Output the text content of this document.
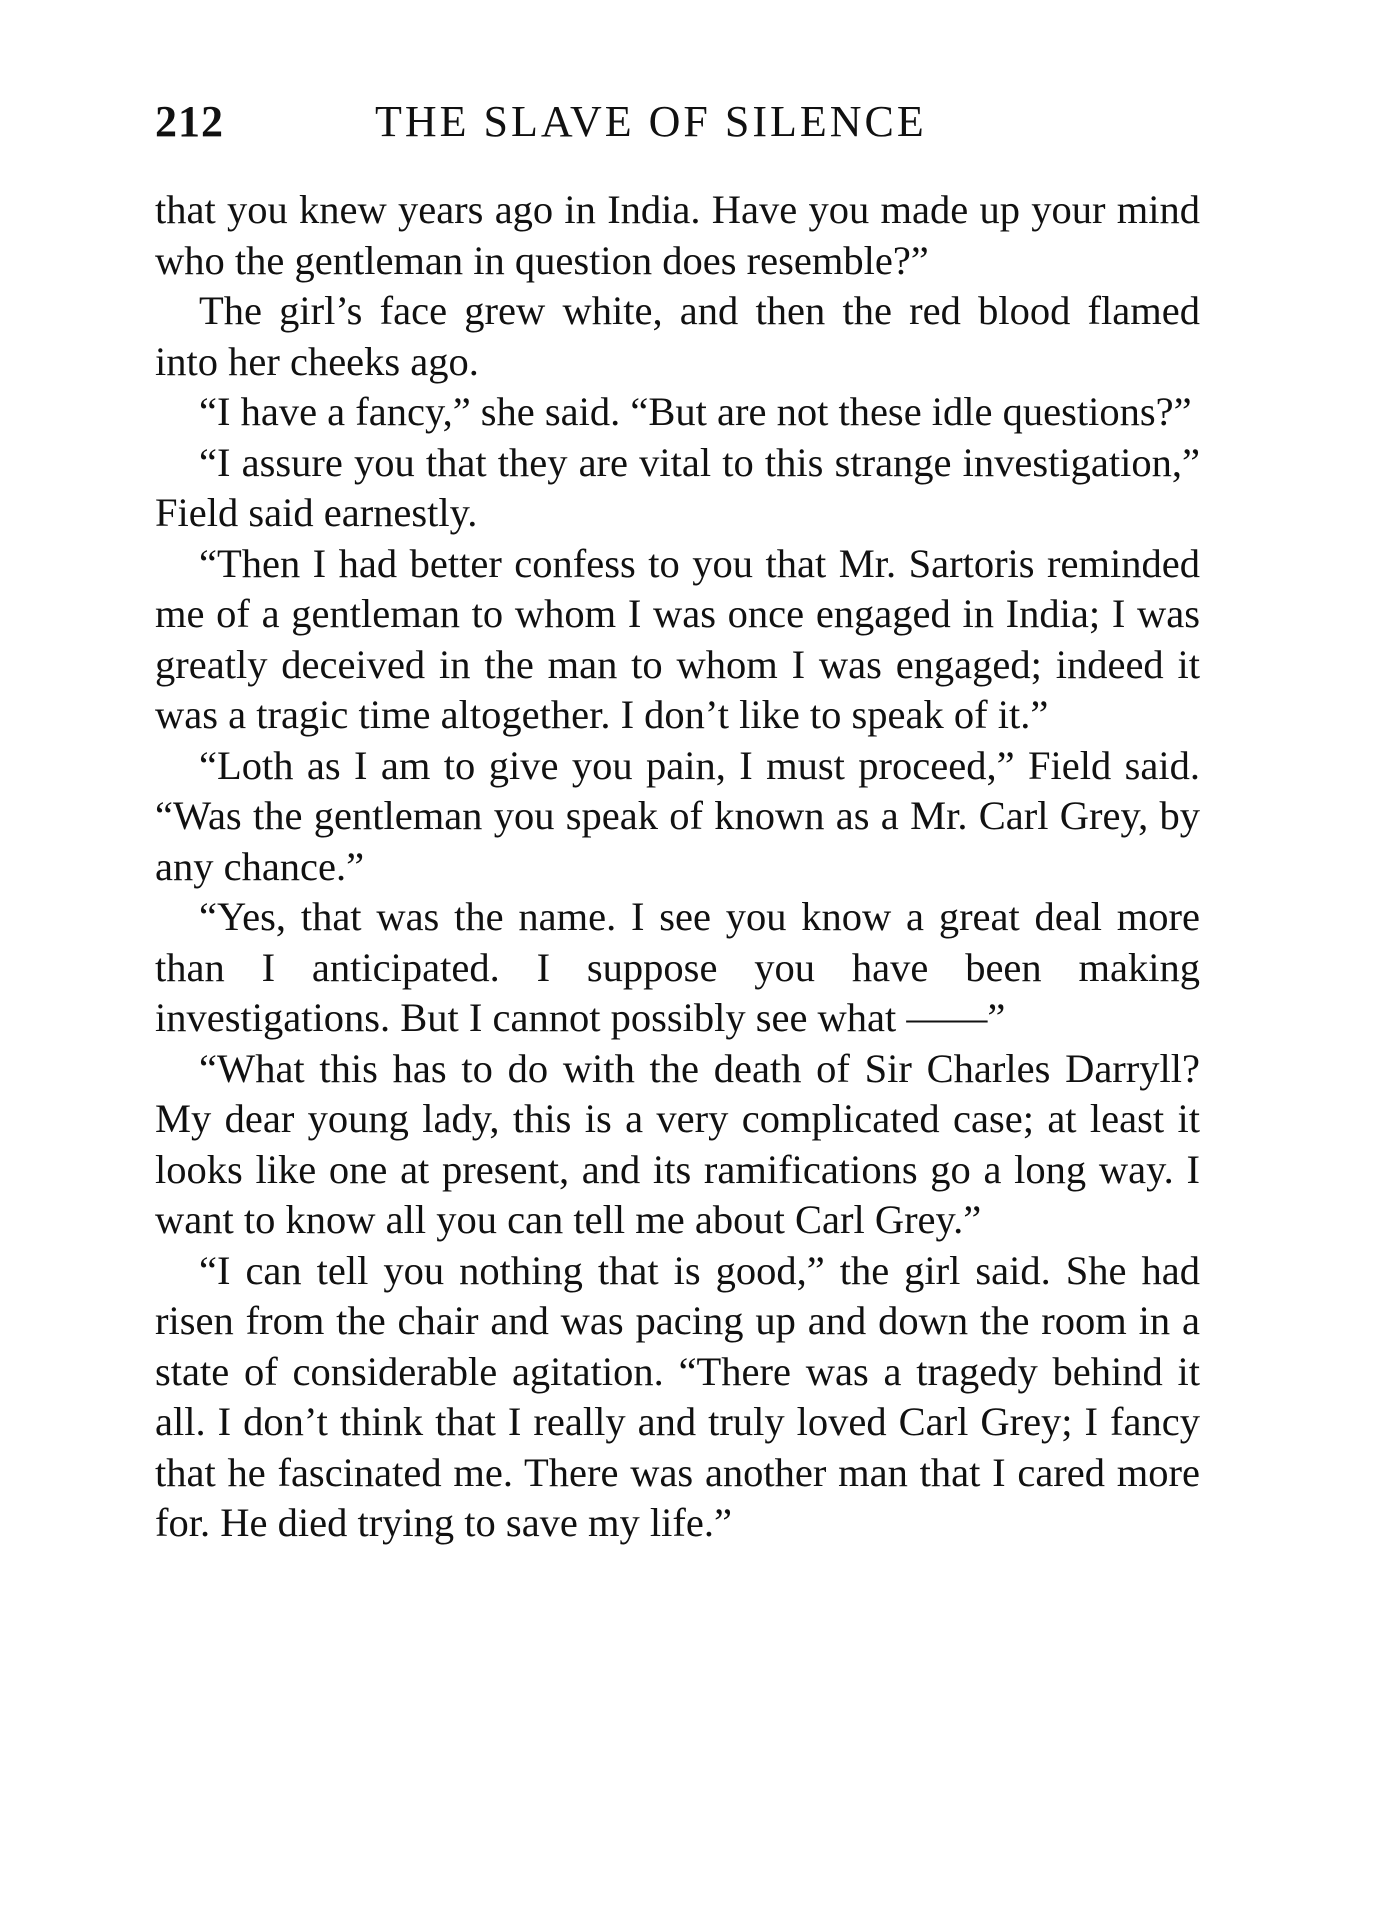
212	THE SLAVE OF SILENCE

that you knew years ago in India. Have you made up your mind who the gentleman in question does resemble?”

The girl’s face grew white, and then the red blood flamed into her cheeks ago.

“I have a fancy,” she said. “But are not these idle questions?”

“I assure you that they are vital to this strange investigation,” Field said earnestly.

“Then I had better confess to you that Mr. Sartoris reminded me of a gentleman to whom I was once engaged in India; I was greatly deceived in the man to whom I was engaged; indeed it was a tragic time altogether. I don’t like to speak of it.”

“Loth as I am to give you pain, I must proceed,” Field said. “Was the gentleman you speak of known as a Mr. Carl Grey, by any chance.”

“Yes, that was the name. I see you know a great deal more than I anticipated. I suppose you have been making investigations. But I cannot possibly see what ——”

“What this has to do with the death of Sir Charles Darryll? My dear young lady, this is a very complicated case; at least it looks like one at present, and its ramifications go a long way. I want to know all you can tell me about Carl Grey.”

“I can tell you nothing that is good,” the girl said. She had risen from the chair and was pacing up and down the room in a state of considerable agitation. “There was a tragedy behind it all. I don’t think that I really and truly loved Carl Grey; I fancy that he fascinated me. There was another man that I cared more for. He died trying to save my life.”
